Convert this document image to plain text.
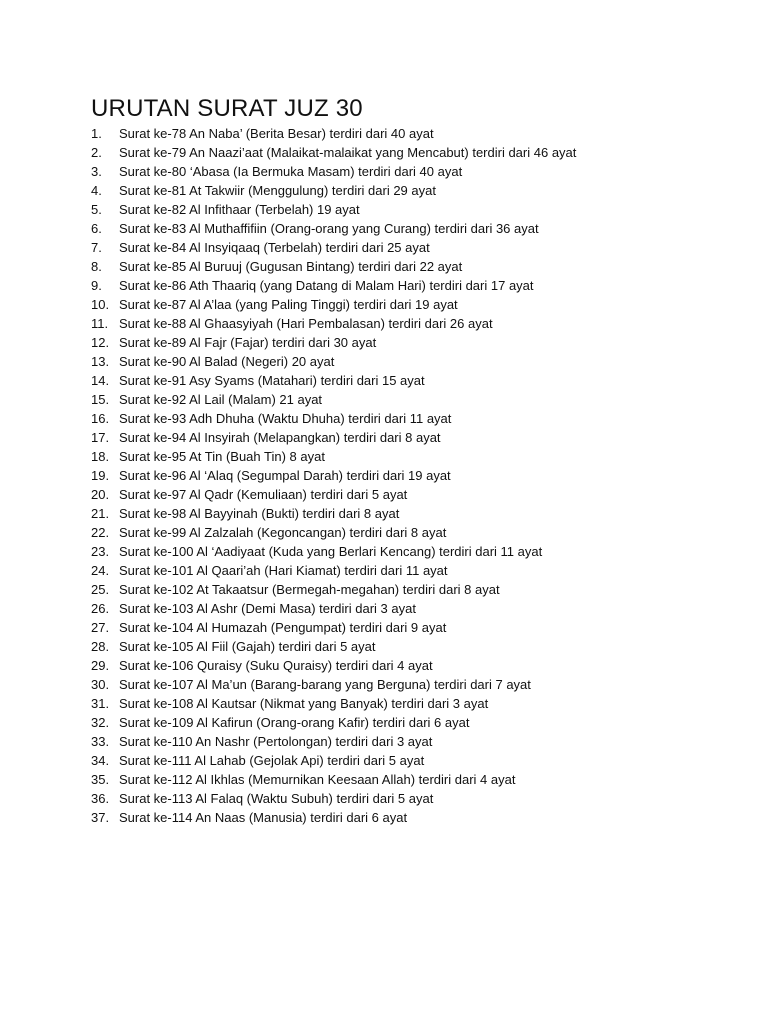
URUTAN SURAT JUZ 30
1.	Surat ke-78 An Naba’ (Berita Besar) terdiri dari 40 ayat
2.	Surat ke-79 An Naazi’aat (Malaikat-malaikat yang Mencabut) terdiri dari 46 ayat
3.	Surat ke-80 ‘Abasa (Ia Bermuka Masam) terdiri dari 40 ayat
4.	Surat ke-81 At Takwiir (Menggulung) terdiri dari 29 ayat
5.	Surat ke-82 Al Infithaar (Terbelah) 19 ayat
6.	Surat ke-83 Al Muthaffifiin (Orang-orang yang Curang) terdiri dari 36 ayat
7.	Surat ke-84 Al Insyiqaaq (Terbelah) terdiri dari 25 ayat
8.	Surat ke-85 Al Buruuj (Gugusan Bintang) terdiri dari 22 ayat
9.	Surat ke-86 Ath Thaariq (yang Datang di Malam Hari) terdiri dari 17 ayat
10. Surat ke-87 Al A’laa (yang Paling Tinggi) terdiri dari 19 ayat
11. Surat ke-88 Al Ghaasyiyah (Hari Pembalasan) terdiri dari 26 ayat
12. Surat ke-89 Al Fajr (Fajar) terdiri dari 30 ayat
13. Surat ke-90 Al Balad (Negeri) 20 ayat
14. Surat ke-91 Asy Syams (Matahari) terdiri dari 15 ayat
15. Surat ke-92 Al Lail (Malam) 21 ayat
16. Surat ke-93 Adh Dhuha (Waktu Dhuha) terdiri dari 11 ayat
17. Surat ke-94 Al Insyirah (Melapangkan) terdiri dari 8 ayat
18. Surat ke-95 At Tin (Buah Tin) 8 ayat
19. Surat ke-96 Al ‘Alaq (Segumpal Darah) terdiri dari 19 ayat
20. Surat ke-97 Al Qadr (Kemuliaan) terdiri dari 5 ayat
21. Surat ke-98 Al Bayyinah (Bukti) terdiri dari 8 ayat
22. Surat ke-99 Al Zalzalah (Kegoncangan) terdiri dari 8 ayat
23. Surat ke-100 Al ‘Aadiyaat (Kuda yang Berlari Kencang) terdiri dari 11 ayat
24. Surat ke-101 Al Qaari’ah (Hari Kiamat) terdiri dari 11 ayat
25. Surat ke-102 At Takaatsur (Bermegah-megahan) terdiri dari 8 ayat
26. Surat ke-103 Al Ashr (Demi Masa) terdiri dari 3 ayat
27. Surat ke-104 Al Humazah (Pengumpat) terdiri dari 9 ayat
28. Surat ke-105 Al Fiil (Gajah) terdiri dari 5 ayat
29. Surat ke-106 Quraisy (Suku Quraisy) terdiri dari 4 ayat
30. Surat ke-107 Al Ma’un (Barang-barang yang Berguna) terdiri dari 7 ayat
31. Surat ke-108 Al Kautsar (Nikmat yang Banyak) terdiri dari 3 ayat
32. Surat ke-109 Al Kafirun (Orang-orang Kafir) terdiri dari 6 ayat
33. Surat ke-110 An Nashr (Pertolongan) terdiri dari 3 ayat
34. Surat ke-111 Al Lahab (Gejolak Api) terdiri dari 5 ayat
35. Surat ke-112 Al Ikhlas (Memurnikan Keesaan Allah) terdiri dari 4 ayat
36. Surat ke-113 Al Falaq (Waktu Subuh) terdiri dari 5 ayat
37. Surat ke-114 An Naas (Manusia) terdiri dari 6 ayat
